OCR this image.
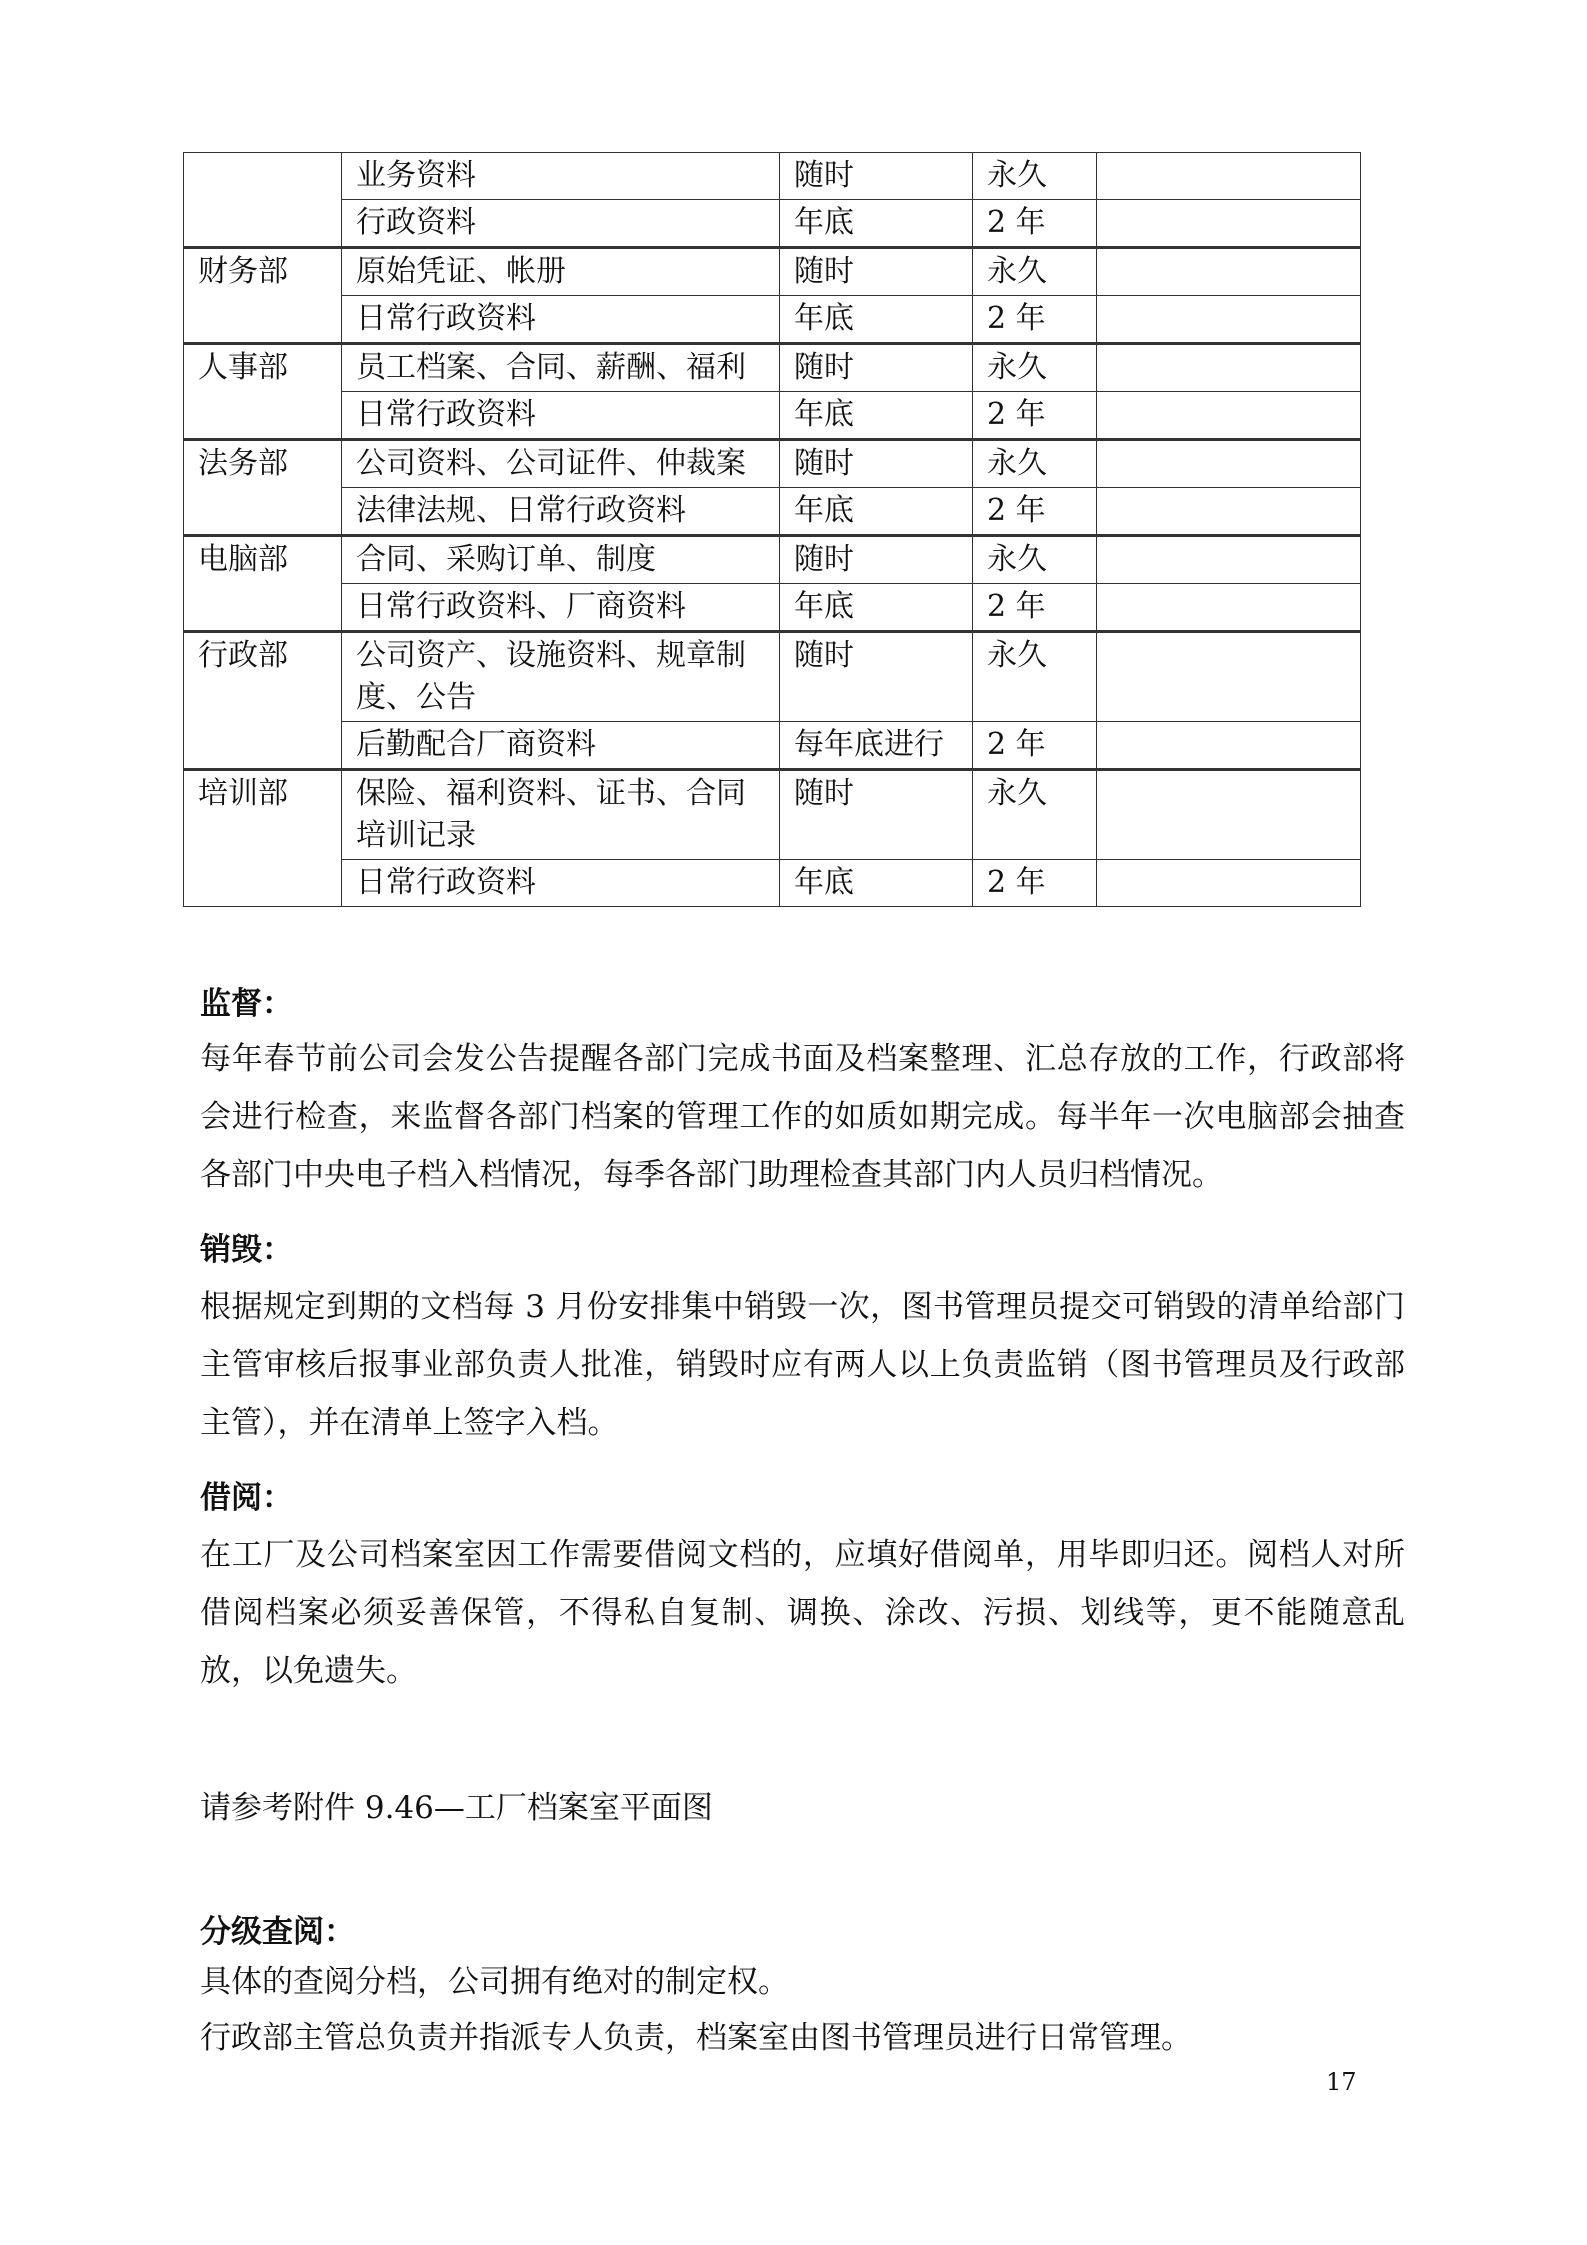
	业务资料	随时	永久	
	行政资料	年底	2 年	
财务部	原始凭证、帐册	随时	永久	
	日常行政资料	年底	2 年	
人事部	员工档案、合同、薪酬、福利	随时	永久	
	日常行政资料	年底	2 年	
法务部	公司资料、公司证件、仲裁案	随时	永久	
	法律法规、日常行政资料	年底	2 年	
电脑部	合同、采购订单、制度	随时	永久	
	日常行政资料、厂商资料	年底	2 年	
行政部	公司资产、设施资料、规章制度、公告	随时	永久	
	后勤配合厂商资料	每年底进行	2 年	
培训部	保险、福利资料、证书、合同培训记录	随时	永久	
	日常行政资料	年底	2 年	
监督：
每年春节前公司会发公告提醒各部门完成书面及档案整理、汇总存放的工作，行政部将会进行检查，来监督各部门档案的管理工作的如质如期完成。每半年一次电脑部会抽查各部门中央电子档入档情况，每季各部门助理检查其部门内人员归档情况。
销毁：
根据规定到期的文档每 3 月份安排集中销毁一次，图书管理员提交可销毁的清单给部门主管审核后报事业部负责人批准，销毁时应有两人以上负责监销（图书管理员及行政部主管），并在清单上签字入档。
借阅：
在工厂及公司档案室因工作需要借阅文档的，应填好借阅单，用毕即归还。阅档人对所借阅档案必须妥善保管，不得私自复制、调换、涂改、污损、划线等，更不能随意乱放，以免遗失。
请参考附件 9.46—工厂档案室平面图
分级查阅：
具体的查阅分档，公司拥有绝对的制定权。
行政部主管总负责并指派专人负责，档案室由图书管理员进行日常管理。
17
